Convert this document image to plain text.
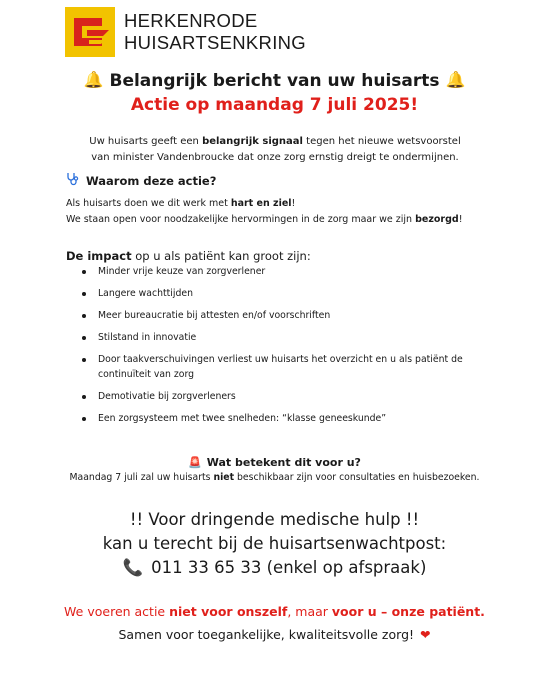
HERKENRODE
HUISARTSENKRING
🔔 Belangrijk bericht van uw huisarts 🔔
Actie op maandag 7 juli 2025!
Uw huisarts geeft een belangrijk signaal tegen het nieuwe wetsvoorstel van minister Vandenbroucke dat onze zorg ernstig dreigt te ondermijnen.
Waarom deze actie?
Als huisarts doen we dit werk met hart en ziel!
We staan open voor noodzakelijke hervormingen in de zorg maar we zijn bezorgd!
De impact op u als patiënt kan groot zijn:
Minder vrije keuze van zorgverlener
Langere wachttijden
Meer bureaucratie bij attesten en/of voorschriften
Stilstand in innovatie
Door taakverschuivingen verliest uw huisarts het overzicht en u als patiënt de continuïteit van zorg
Demotivatie bij zorgverleners
Een zorgsysteem met twee snelheden: “klasse geneeskunde”
🚨 Wat betekent dit voor u?
Maandag 7 juli zal uw huisarts niet beschikbaar zijn voor consultaties en huisbezoeken.
!! Voor dringende medische hulp !!
kan u terecht bij de huisartsenwachtpost:
📞 011 33 65 33 (enkel op afspraak)
We voeren actie niet voor onszelf, maar voor u – onze patiënt.
Samen voor toegankelijke, kwaliteitsvolle zorg! ❤
